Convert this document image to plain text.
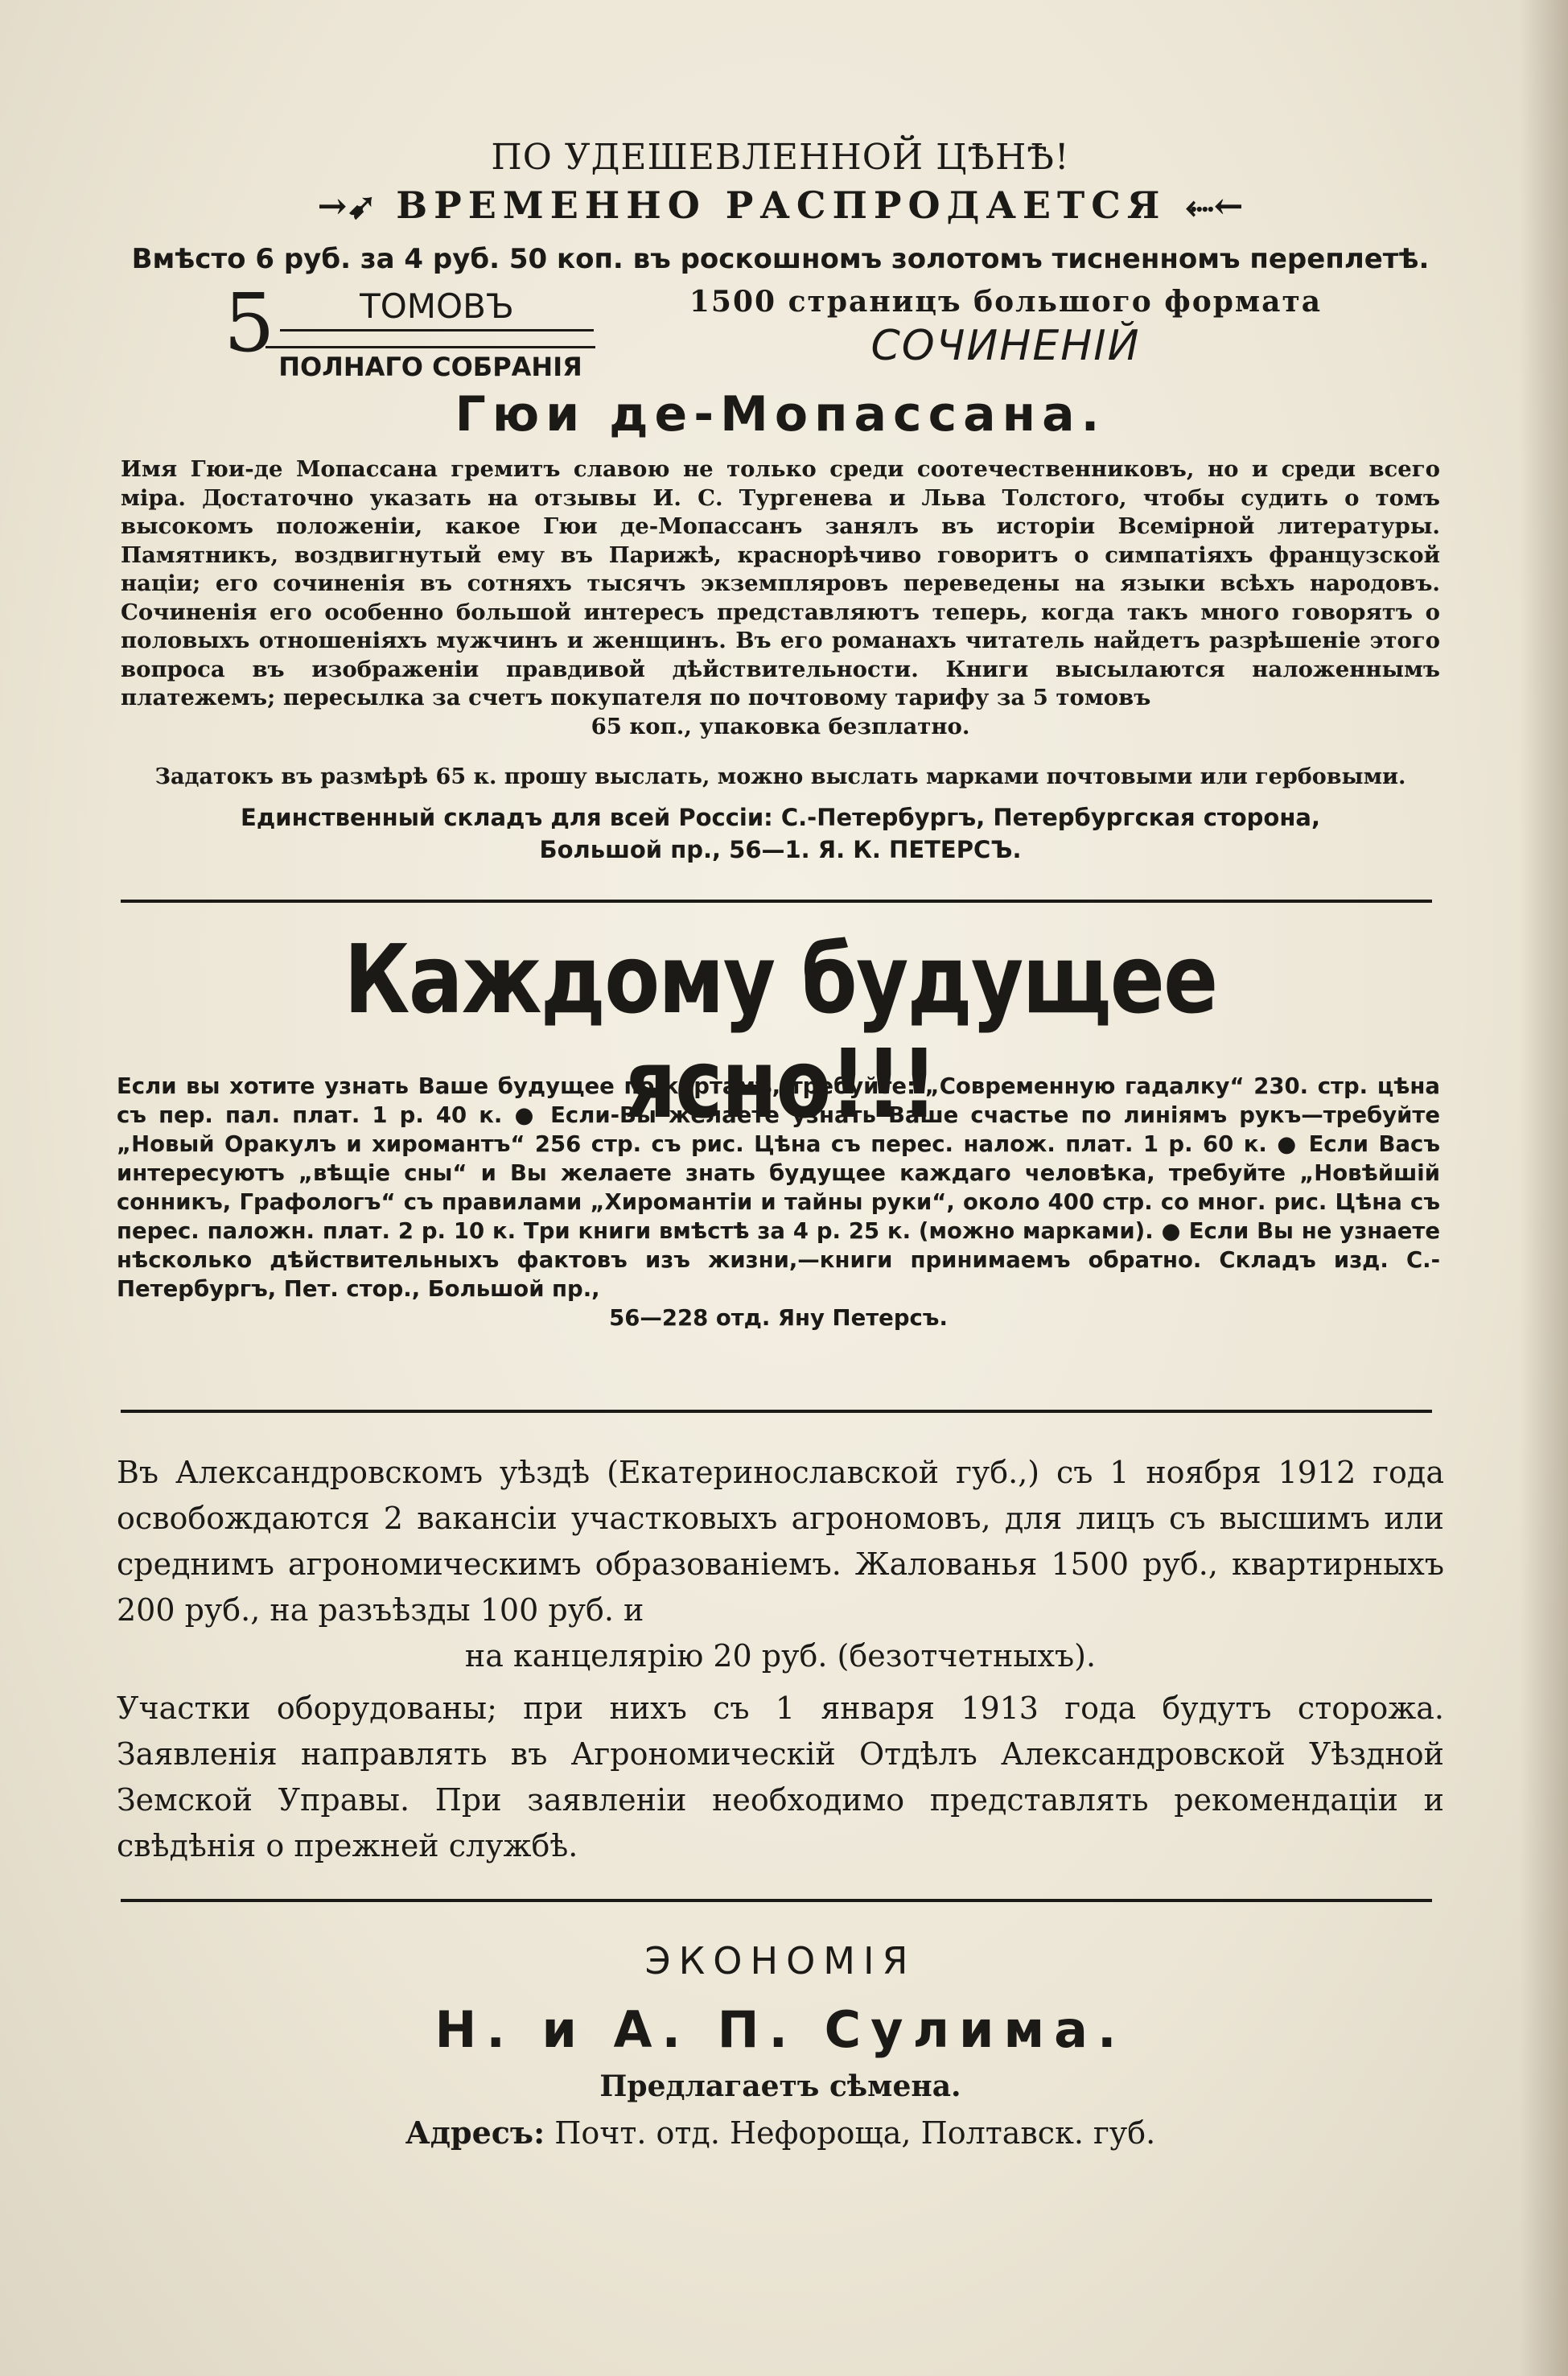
ПО УДЕШЕВЛЕННОЙ ЦѢНѢ!
→➹ ВРЕМЕННО РАСПРОДАЕТСЯ ⬸←
Вмѣсто 6 руб. за 4 руб. 50 коп. въ роскошномъ золотомъ тисненномъ переплетѣ.
5	ТОМОВЪ
ПОЛНАГО СОБРАНІЯ
1500 страницъ большого формата
СОЧИНЕНІЙ
Гюи де-Мопассана.
Имя Гюи-де Мопассана гремитъ славою не только среди соотечественниковъ, но и среди всего міра. Достаточно указать на отзывы И. С. Тургенева и Льва Толстого, чтобы судить о томъ высокомъ положеніи, какое Гюи де-Мопассанъ занялъ въ исторіи Всемірной литературы. Памятникъ, воздвигнутый ему въ Парижѣ, краснорѣчиво говоритъ о симпатіяхъ французской націи; его сочиненія въ сотняхъ тысячъ экземпляровъ переведены на языки всѣхъ народовъ. Сочиненія его особенно большой интересъ представляютъ теперь, когда такъ много говорятъ о половыхъ отношеніяхъ мужчинъ и женщинъ. Въ его романахъ читатель найдетъ разрѣшеніе этого вопроса въ изображеніи правдивой дѣйствительности. Книги высылаются наложеннымъ платежемъ; пересылка за счетъ покупателя по почтовому тарифу за 5 томовъ
65 коп., упаковка безплатно.
Задатокъ въ размѣрѣ 65 к. прошу выслать, можно выслать марками почтовыми или гербовыми.
Единственный складъ для всей Россіи: С.-Петербургъ, Петербургская сторона,
Большой пр., 56—1. Я. К. ПЕТЕРСЪ.
Каждому будущее ясно!!!
Если вы хотите узнать Ваше будущее по картамъ, требуйте: „Современную гадалку“ 230. стр. цѣна съ пер. пал. плат. 1 р. 40 к. ● Если-Вы желаете узнать Ваше счастье по линіямъ рукъ—требуйте „Новый Оракулъ и хиромантъ“ 256 стр. съ рис. Цѣна съ перес. налож. плат. 1 р. 60 к. ● Если Васъ интересуютъ „вѣщіе сны“ и Вы желаете знать будущее каждаго человѣка, требуйте „Новѣйшій сонникъ, Графологъ“ съ правилами „Хиромантіи и тайны руки“, около 400 стр. со мног. рис. Цѣна съ перес. паложн. плат. 2 р. 10 к. Три книги вмѣстѣ за 4 р. 25 к. (можно марками). ● Если Вы не узнаете нѣсколько дѣйствительныхъ фактовъ изъ жизни,—книги принимаемъ обратно. Складъ изд. С.-Петербургъ, Пет. стор., Большой пр.,
56—228 отд. Яну Петерсъ.

Въ Александровскомъ уѣздѣ (Екатеринославской губ.,) съ 1 ноября 1912 года освобождаются 2 вакансіи участковыхъ агрономовъ, для лицъ съ высшимъ или среднимъ агрономическимъ образованіемъ. Жалованья 1500 руб., квартирныхъ 200 руб., на разъѣзды 100 руб. и

на канцелярію 20 руб. (безотчетныхъ).

Участки оборудованы; при нихъ съ 1 января 1913 года будутъ сторожа. Заявленія направлять въ Агрономическій Отдѣлъ Александровской Уѣздной Земской Управы. При заявленіи необходимо представлять рекомендаціи и свѣдѣнія о прежней службѣ.

ЭКОНОМІЯ
Н. и А. П. Сулима.
Предлагаетъ сѣмена.
Адресъ: Почт. отд. Нефороща, Полтавск. губ.
